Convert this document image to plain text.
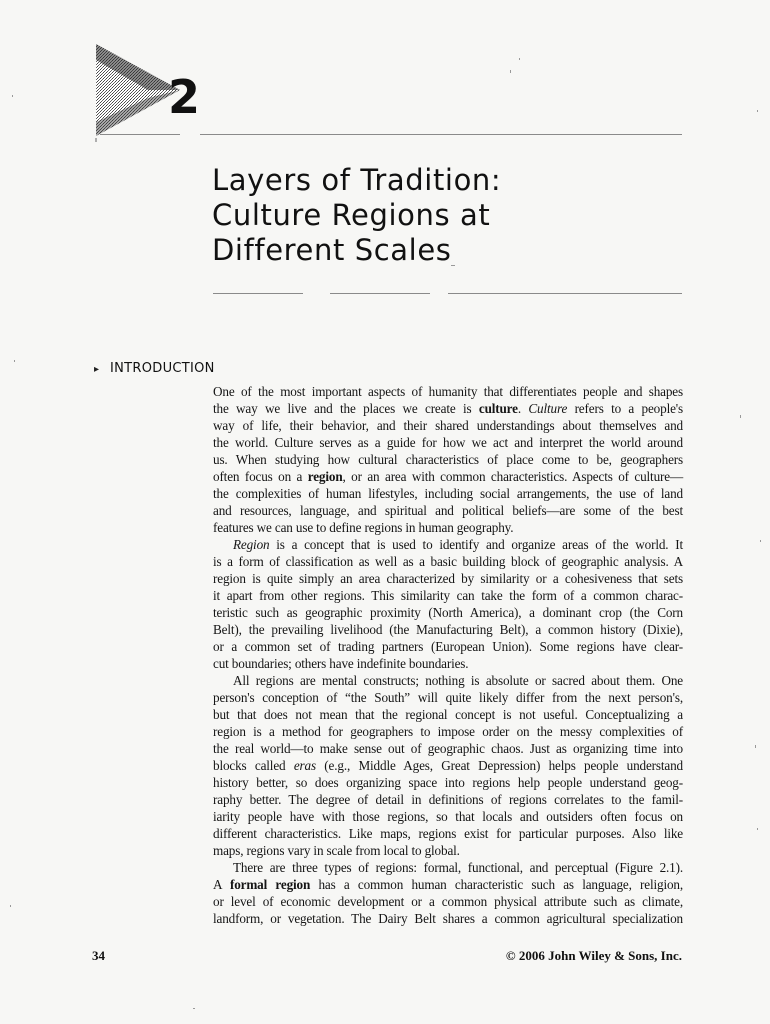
2
Layers of Tradition:
Culture Regions at
Different Scales
▸ INTRODUCTION
One of the most important aspects of humanity that differentiates people and shapes
the way we live and the places we create is culture. Culture refers to a people's
way of life, their behavior, and their shared understandings about themselves and
the world. Culture serves as a guide for how we act and interpret the world around
us. When studying how cultural characteristics of place come to be, geographers
often focus on a region, or an area with common characteristics. Aspects of culture—
the complexities of human lifestyles, including social arrangements, the use of land
and resources, language, and spiritual and political beliefs—are some of the best
features we can use to define regions in human geography.
Region is a concept that is used to identify and organize areas of the world. It
is a form of classification as well as a basic building block of geographic analysis. A
region is quite simply an area characterized by similarity or a cohesiveness that sets
it apart from other regions. This similarity can take the form of a common charac-
teristic such as geographic proximity (North America), a dominant crop (the Corn
Belt), the prevailing livelihood (the Manufacturing Belt), a common history (Dixie),
or a common set of trading partners (European Union). Some regions have clear-
cut boundaries; others have indefinite boundaries.
All regions are mental constructs; nothing is absolute or sacred about them. One
person's conception of “the South” will quite likely differ from the next person's,
but that does not mean that the regional concept is not useful. Conceptualizing a
region is a method for geographers to impose order on the messy complexities of
the real world—to make sense out of geographic chaos. Just as organizing time into
blocks called eras (e.g., Middle Ages, Great Depression) helps people understand
history better, so does organizing space into regions help people understand geog-
raphy better. The degree of detail in definitions of regions correlates to the famil-
iarity people have with those regions, so that locals and outsiders often focus on
different characteristics. Like maps, regions exist for particular purposes. Also like
maps, regions vary in scale from local to global.
There are three types of regions: formal, functional, and perceptual (Figure 2.1).
A formal region has a common human characteristic such as language, religion,
or level of economic development or a common physical attribute such as climate,
landform, or vegetation. The Dairy Belt shares a common agricultural specialization
34	© 2006 John Wiley & Sons, Inc.
